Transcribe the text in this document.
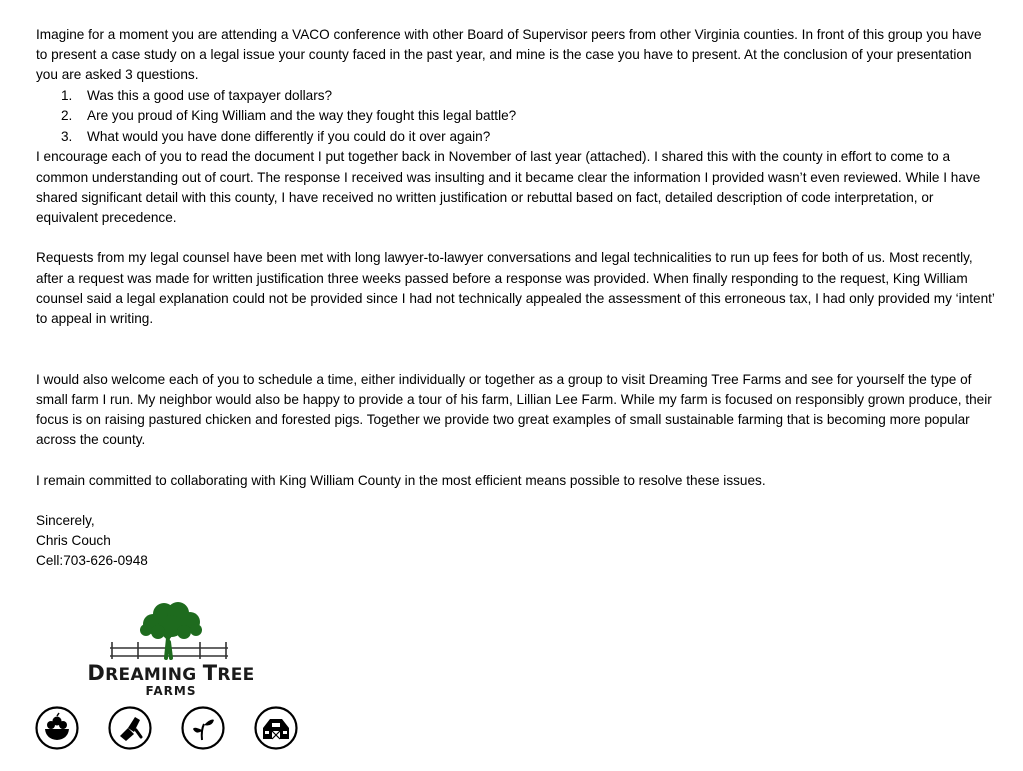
Imagine for a moment you are attending a VACO conference with other Board of Supervisor peers from other Virginia counties. In front of this group you have to present a case study on a legal issue your county faced in the past year, and mine is the case you have to present. At the conclusion of your presentation you are asked 3 questions.

1. Was this a good use of taxpayer dollars?
2. Are you proud of King William and the way they fought this legal battle?
3. What would you have done differently if you could do it over again?

I encourage each of you to read the document I put together back in November of last year (attached). I shared this with the county in effort to come to a common understanding out of court. The response I received was insulting and it became clear the information I provided wasn’t even reviewed. While I have shared significant detail with this county, I have received no written justification or rebuttal based on fact, detailed description of code interpretation, or equivalent precedence.

Requests from my legal counsel have been met with long lawyer-to-lawyer conversations and legal technicalities to run up fees for both of us. Most recently, after a request was made for written justification three weeks passed before a response was provided. When finally responding to the request, King William counsel said a legal explanation could not be provided since I had not technically appealed the assessment of this erroneous tax, I had only provided my ‘intent’ to appeal in writing.

I would also welcome each of you to schedule a time, either individually or together as a group to visit Dreaming Tree Farms and see for yourself the type of small farm I run. My neighbor would also be happy to provide a tour of his farm, Lillian Lee Farm. While my farm is focused on responsibly grown produce, their focus is on raising pastured chicken and forested pigs. Together we provide two great examples of small sustainable farming that is becoming more popular across the county.

I remain committed to collaborating with King William County in the most efficient means possible to resolve these issues.

Sincerely,

Chris Couch

Cell:703-626-0948

DREAMING TREE
FARMS
